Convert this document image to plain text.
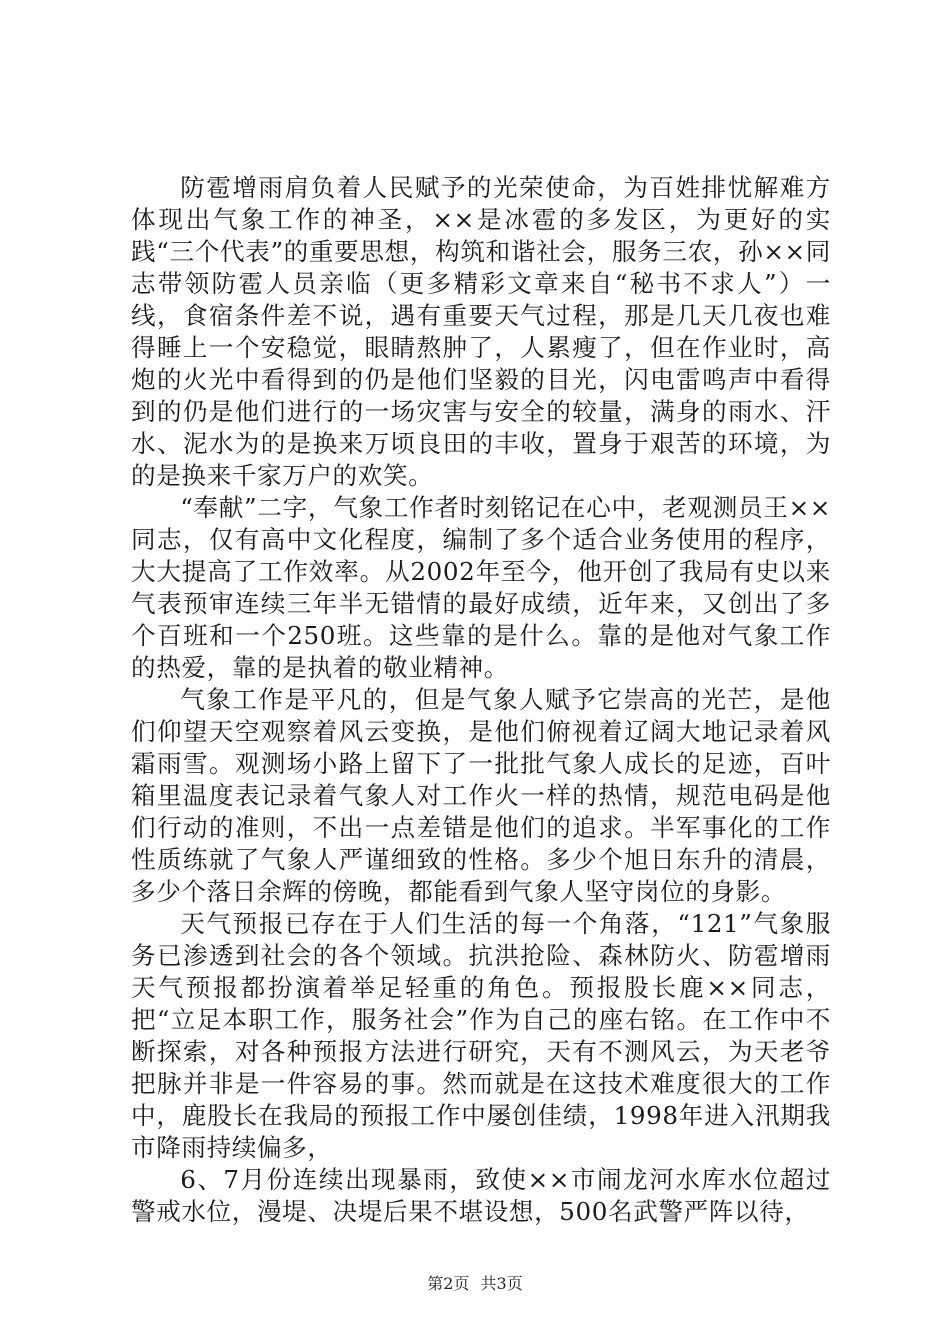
防雹增雨肩负着人民赋予的光荣使命，为百姓排忧解难方体现出气象工作的神圣，××是冰雹的多发区，为更好的实践“三个代表”的重要思想，构筑和谐社会，服务三农，孙××同志带领防雹人员亲临（更多精彩文章来自“秘书不求人”）一线，食宿条件差不说，遇有重要天气过程，那是几天几夜也难得睡上一个安稳觉，眼睛熬肿了，人累瘦了，但在作业时，高炮的火光中看得到的仍是他们坚毅的目光，闪电雷鸣声中看得到的仍是他们进行的一场灾害与安全的较量，满身的雨水、汗水、泥水为的是换来万顷良田的丰收，置身于艰苦的环境，为的是换来千家万户的欢笑。

“奉献”二字，气象工作者时刻铭记在心中，老观测员王××同志，仅有高中文化程度，编制了多个适合业务使用的程序，大大提高了工作效率。从2002年至今，他开创了我局有史以来气表预审连续三年半无错情的最好成绩，近年来，又创出了多个百班和一个250班。这些靠的是什么。靠的是他对气象工作的热爱，靠的是执着的敬业精神。

气象工作是平凡的，但是气象人赋予它崇高的光芒，是他们仰望天空观察着风云变换，是他们俯视着辽阔大地记录着风霜雨雪。观测场小路上留下了一批批气象人成长的足迹，百叶箱里温度表记录着气象人对工作火一样的热情，规范电码是他们行动的准则，不出一点差错是他们的追求。半军事化的工作性质练就了气象人严谨细致的性格。多少个旭日东升的清晨，多少个落日余辉的傍晚，都能看到气象人坚守岗位的身影。

天气预报已存在于人们生活的每一个角落，“121”气象服务已渗透到社会的各个领域。抗洪抢险、森林防火、防雹增雨天气预报都扮演着举足轻重的角色。预报股长鹿××同志，把“立足本职工作，服务社会”作为自己的座右铭。在工作中不断探索，对各种预报方法进行研究，天有不测风云，为天老爷把脉并非是一件容易的事。然而就是在这技术难度很大的工作中，鹿股长在我局的预报工作中屡创佳绩，1998年进入汛期我市降雨持续偏多，

6、7月份连续出现暴雨，致使××市闹龙河水库水位超过警戒水位，漫堤、决堤后果不堪设想，500名武警严阵以待，

第2页 共3页
